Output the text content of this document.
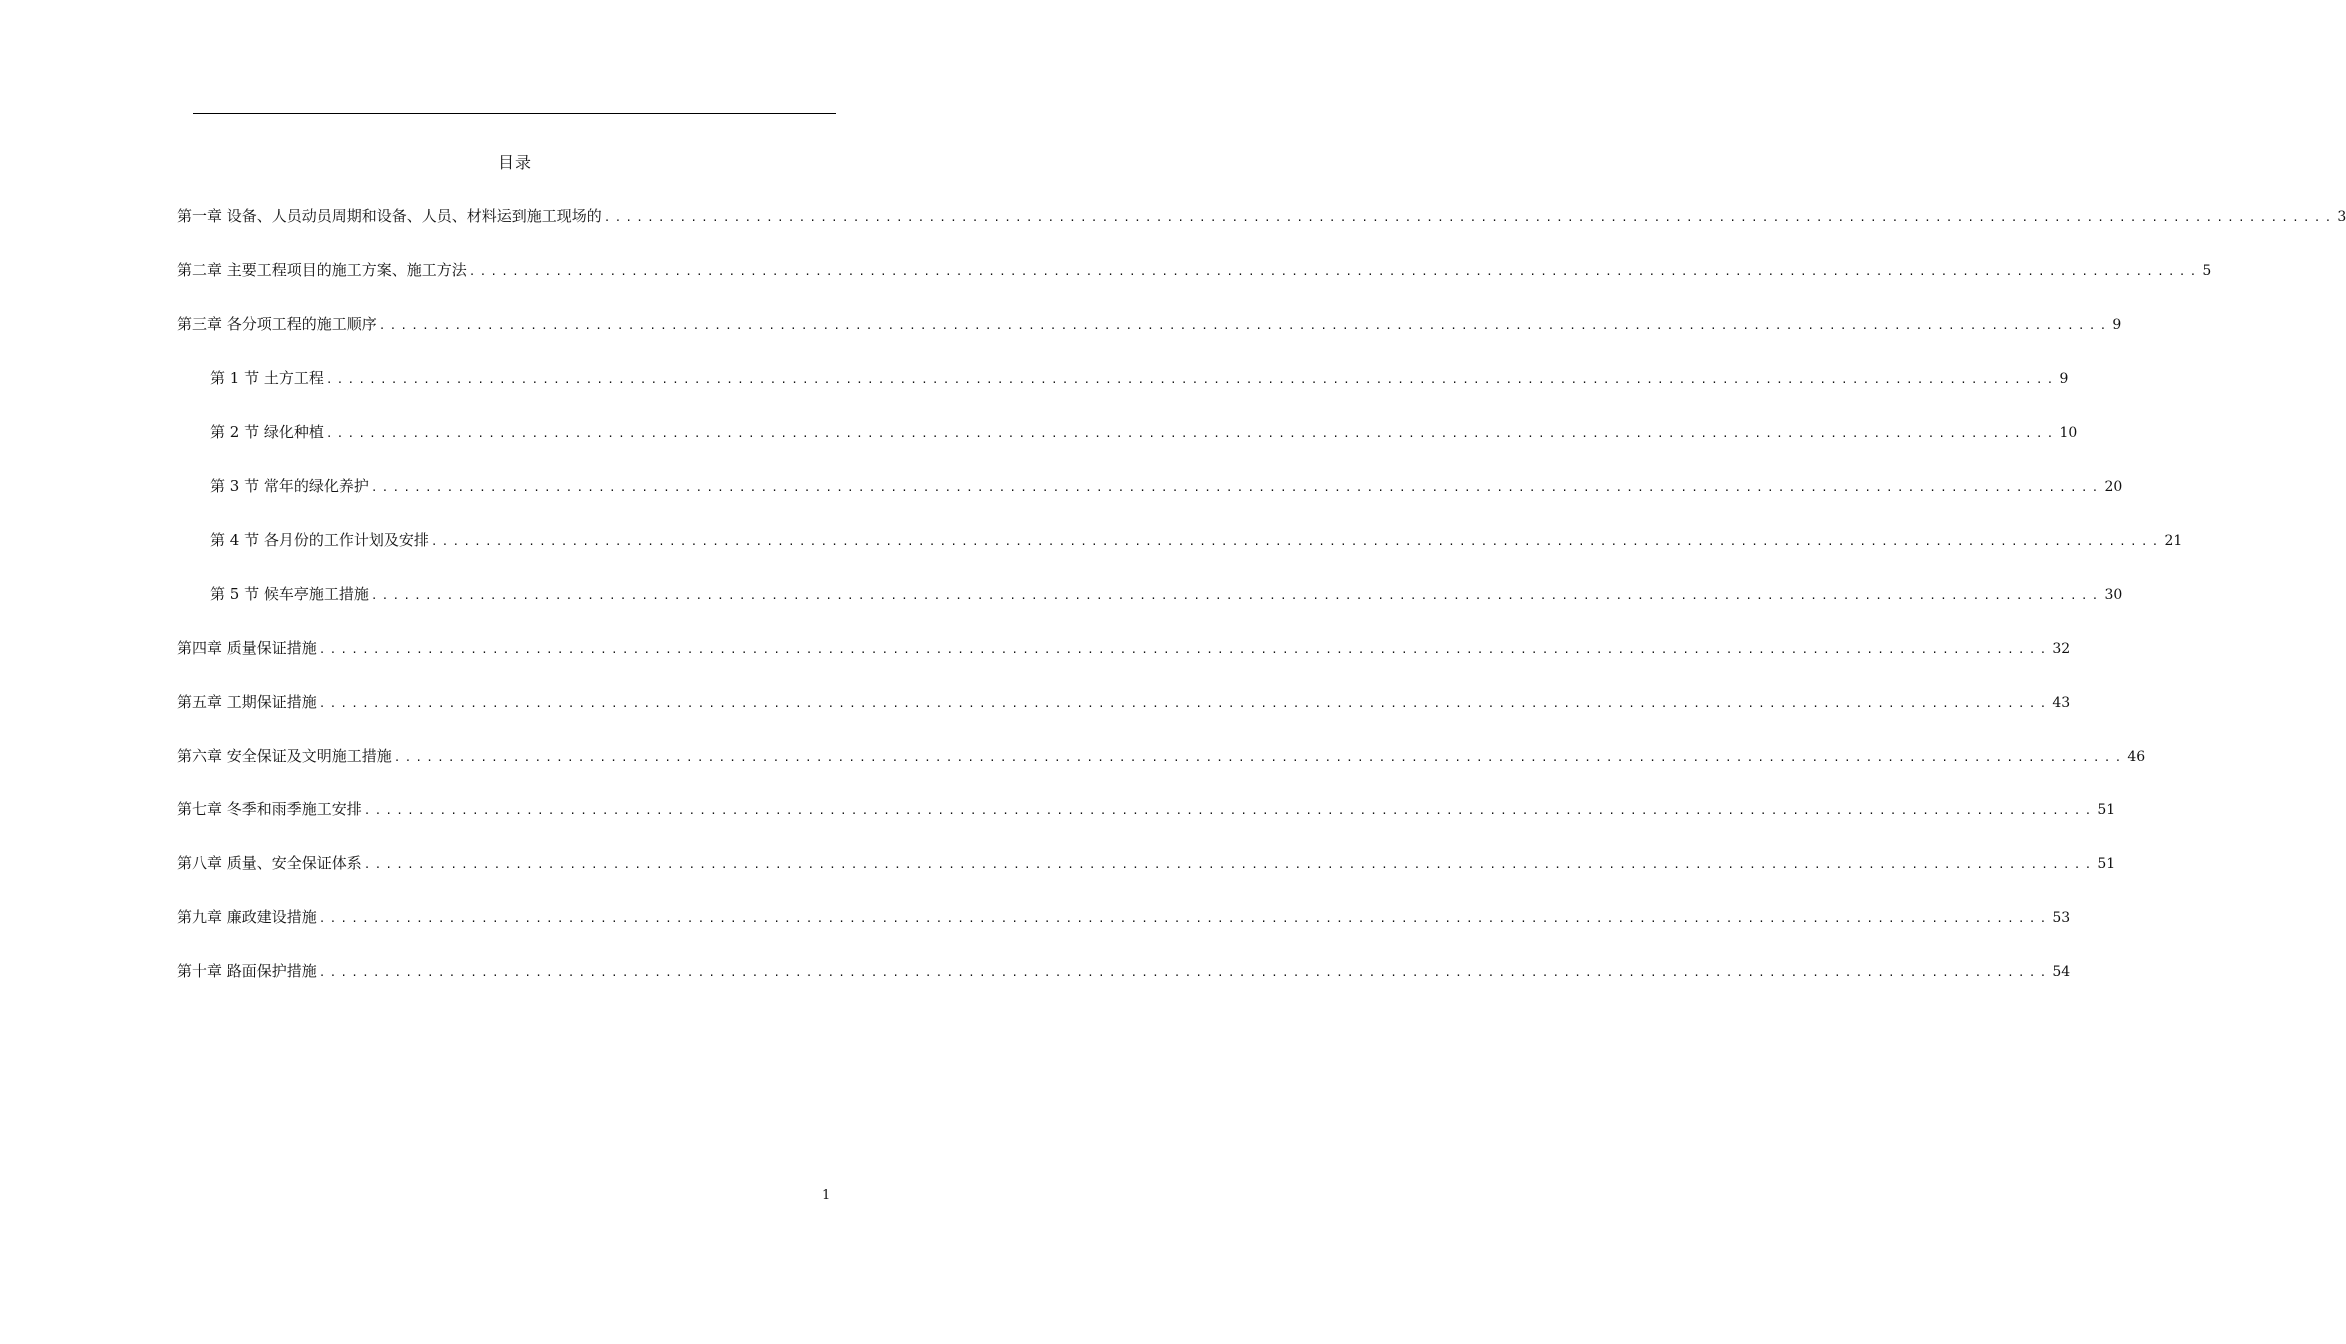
目录
第一章 设备、人员动员周期和设备、人员、材料运到施工现场的 ................................................................................................................................................................ 3
第二章 主要工程项目的施工方案、施工方法 ................................................................................................................................................................ 5
第三章 各分项工程的施工顺序 ................................................................................................................................................................ 9
第 1 节 土方工程 ................................................................................................................................................................ 9
第 2 节 绿化种植 ................................................................................................................................................................ 10
第 3 节 常年的绿化养护 ................................................................................................................................................................ 20
第 4 节 各月份的工作计划及安排 ................................................................................................................................................................ 21
第 5 节 候车亭施工措施 ................................................................................................................................................................ 30
第四章 质量保证措施 ................................................................................................................................................................ 32
第五章 工期保证措施 ................................................................................................................................................................ 43
第六章 安全保证及文明施工措施 ................................................................................................................................................................ 46
第七章 冬季和雨季施工安排 ................................................................................................................................................................ 51
第八章 质量、安全保证体系 ................................................................................................................................................................ 51
第九章 廉政建设措施 ................................................................................................................................................................ 53
第十章 路面保护措施 ................................................................................................................................................................ 54
1
